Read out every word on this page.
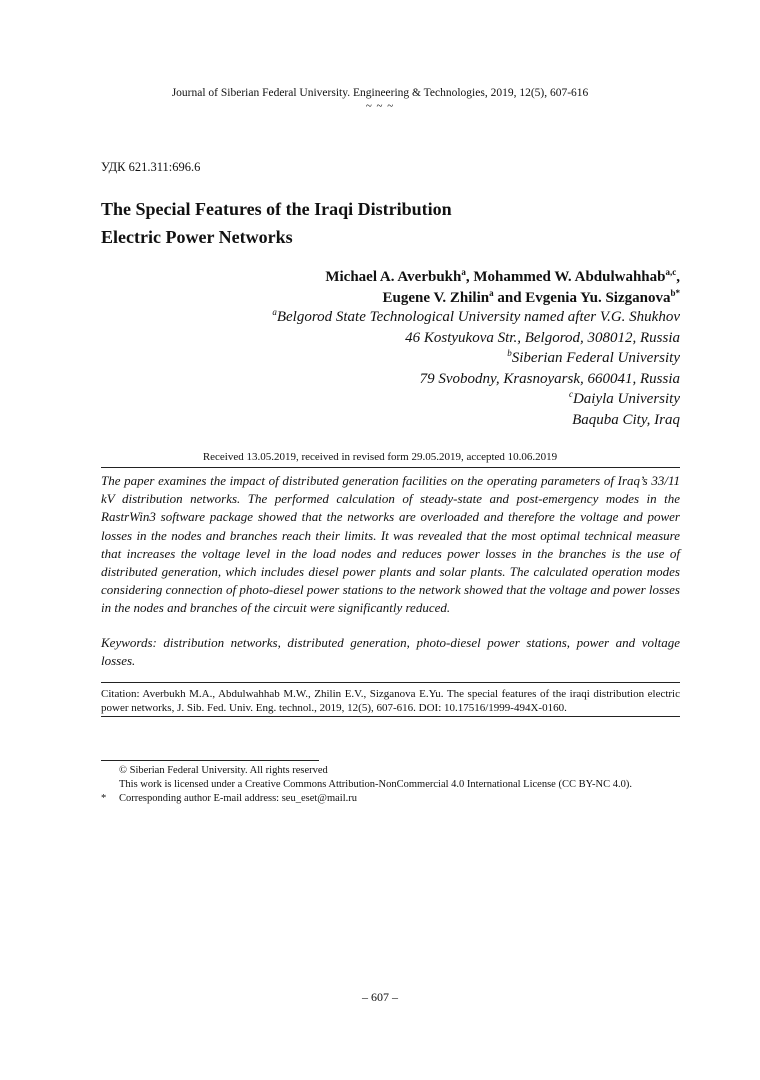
Journal of Siberian Federal University. Engineering & Technologies, 2019, 12(5), 607-616
~ ~ ~
УДК 621.311:696.6
The Special Features of the Iraqi Distribution
Electric Power Networks
Michael A. Averbukh$^a$, Mohammed W. Abdulwahhab$^{a,c}$,
Eugene V. Zhilin$^a$ and Evgenia Yu. Sizganova$^{b*}$
$^a$Belgorod State Technological University named after V.G. Shukhov
46 Kostyukova Str., Belgorod, 308012, Russia
$^b$Siberian Federal University
79 Svobodny, Krasnoyarsk, 660041, Russia
$^c$Daiyla University
Baquba City, Iraq
Received 13.05.2019, received in revised form 29.05.2019, accepted 10.06.2019
The paper examines the impact of distributed generation facilities on the operating parameters of Iraq’s 33/11 kV distribution networks. The performed calculation of steady-state and post-emergency modes in the RastrWin3 software package showed that the networks are overloaded and therefore the voltage and power losses in the nodes and branches reach their limits. It was revealed that the most optimal technical measure that increases the voltage level in the load nodes and reduces power losses in the branches is the use of distributed generation, which includes diesel power plants and solar plants. The calculated operation modes considering connection of photo-diesel power stations to the network showed that the voltage and power losses in the nodes and branches of the circuit were significantly reduced.
Keywords: distribution networks, distributed generation, photo-diesel power stations, power and voltage losses.
Citation: Averbukh M.A., Abdulwahhab M.W., Zhilin E.V., Sizganova E.Yu. The special features of the iraqi distribution electric power networks, J. Sib. Fed. Univ. Eng. technol., 2019, 12(5), 607-616. DOI: 10.17516/1999-494X-0160.
© Siberian Federal University. All rights reserved
This work is licensed under a Creative Commons Attribution-NonCommercial 4.0 International License (CC BY-NC 4.0).
* Corresponding author E-mail address: seu_eset@mail.ru
– 607 –
